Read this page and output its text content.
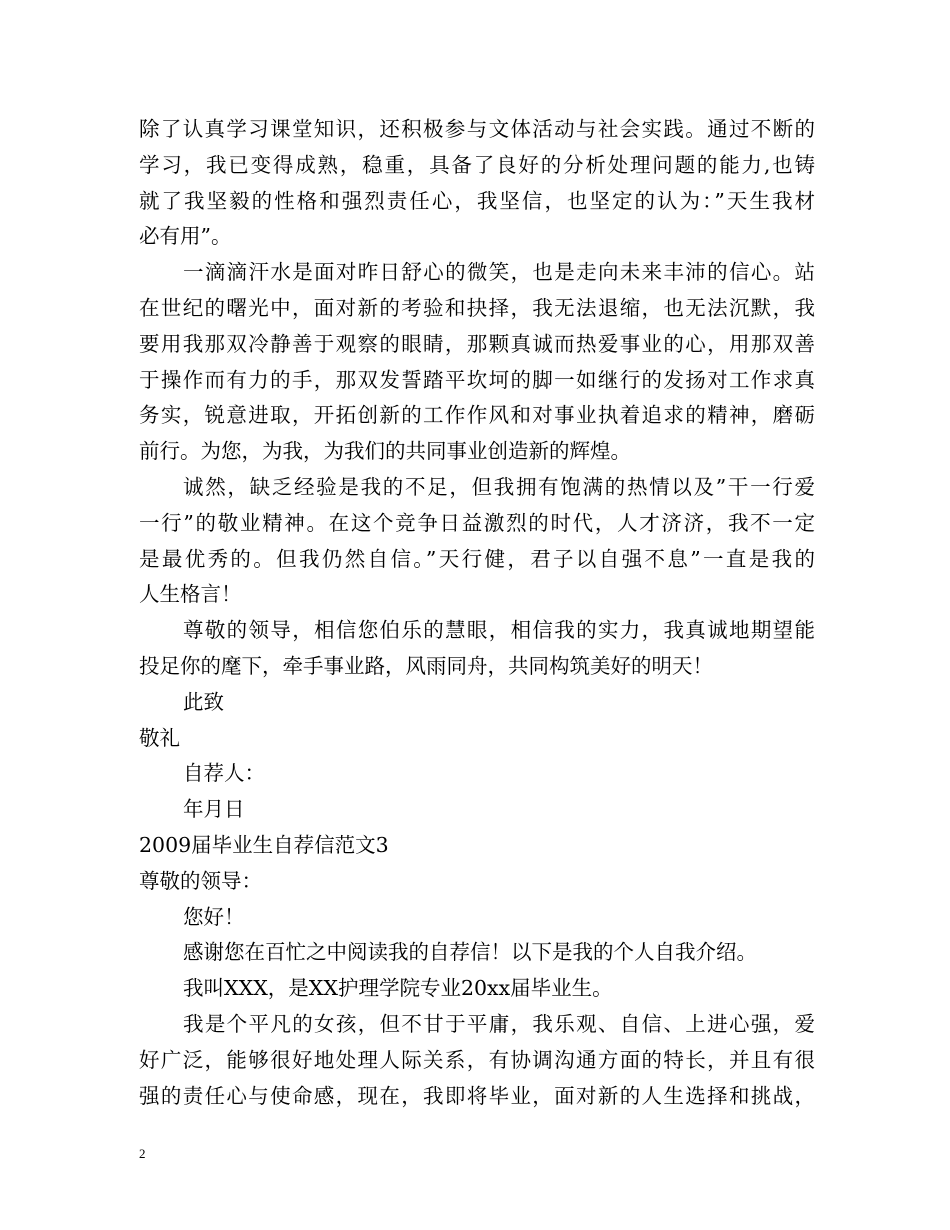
除了认真学习课堂知识，还积极参与文体活动与社会实践。通过不断的
学习，我已变得成熟，稳重，具备了良好的分析处理问题的能力,也铸
就了我坚毅的性格和强烈责任心，我坚信，也坚定的认为：”天生我材
必有用”。
一滴滴汗水是面对昨日舒心的微笑，也是走向未来丰沛的信心。站
在世纪的曙光中，面对新的考验和抉择，我无法退缩，也无法沉默，我
要用我那双冷静善于观察的眼睛，那颗真诚而热爱事业的心，用那双善
于操作而有力的手，那双发誓踏平坎坷的脚一如继行的发扬对工作求真
务实，锐意进取，开拓创新的工作作风和对事业执着追求的精神，磨砺
前行。为您，为我，为我们的共同事业创造新的辉煌。
诚然，缺乏经验是我的不足，但我拥有饱满的热情以及”干一行爱
一行”的敬业精神。在这个竞争日益激烈的时代，人才济济，我不一定
是最优秀的。但我仍然自信。”天行健，君子以自强不息”一直是我的
人生格言！
尊敬的领导，相信您伯乐的慧眼，相信我的实力，我真诚地期望能
投足你的麾下，牵手事业路，风雨同舟，共同构筑美好的明天！
此致
敬礼
自荐人：
年月日
2009届毕业生自荐信范文3
尊敬的领导：
您好！
感谢您在百忙之中阅读我的自荐信！以下是我的个人自我介绍。
我叫XXX，是XX护理学院专业20xx届毕业生。
我是个平凡的女孩，但不甘于平庸，我乐观、自信、上进心强，爱
好广泛，能够很好地处理人际关系，有协调沟通方面的特长，并且有很
强的责任心与使命感，现在，我即将毕业，面对新的人生选择和挑战，
2
